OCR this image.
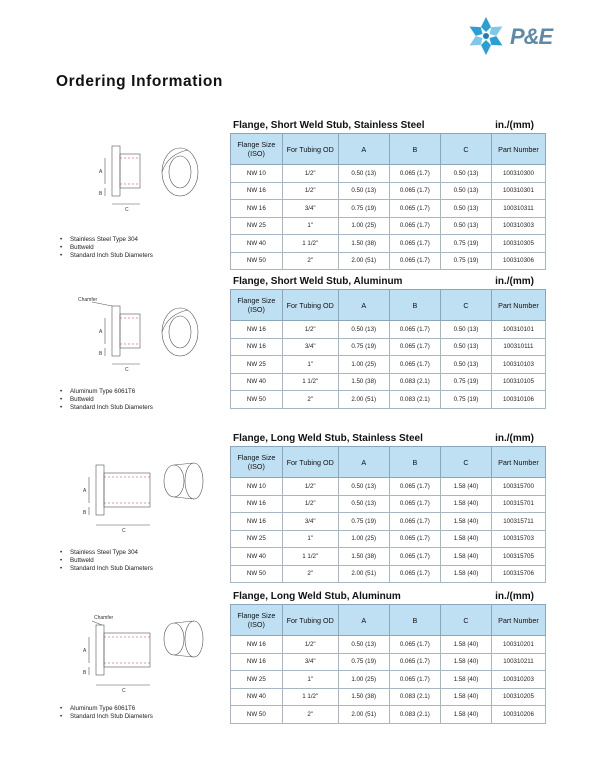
P&E
Ordering Information
Flange, Short Weld Stub, Stainless Steel	in./(mm)
A
B
C
• Stainless Steel Type 304
• Buttweld
• Standard Inch Stub Diameters
Flange Size (ISO)	For Tubing OD	A	B	C	Part Number
NW 10	1/2"	0.50 (13)	0.065 (1.7)	0.50 (13)	100310300
NW 16	1/2"	0.50 (13)	0.065 (1.7)	0.50 (13)	100310301
NW 16	3/4"	0.75 (19)	0.065 (1.7)	0.50 (13)	100310311
NW 25	1"	1.00 (25)	0.065 (1.7)	0.50 (13)	100310303
NW 40	1 1/2"	1.50 (38)	0.065 (1.7)	0.75 (19)	100310305
NW 50	2"	2.00 (51)	0.065 (1.7)	0.75 (19)	100310306
Flange, Short Weld Stub, Aluminum	in./(mm)
Chamfer
A
B
C
• Aluminum Type 6061T6
• Buttweld
• Standard Inch Stub Diameters
Flange Size (ISO)	For Tubing OD	A	B	C	Part Number
NW 16	1/2"	0.50 (13)	0.065 (1.7)	0.50 (13)	100310101
NW 16	3/4"	0.75 (19)	0.065 (1.7)	0.50 (13)	100310111
NW 25	1"	1.00 (25)	0.065 (1.7)	0.50 (13)	100310103
NW 40	1 1/2"	1.50 (38)	0.083 (2.1)	0.75 (19)	100310105
NW 50	2"	2.00 (51)	0.083 (2.1)	0.75 (19)	100310106
Flange, Long Weld Stub, Stainless Steel	in./(mm)
A
B
C
• Stainless Steel Type 304
• Buttweld
• Standard Inch Stub Diameters
Flange Size (ISO)	For Tubing OD	A	B	C	Part Number
NW 10	1/2"	0.50 (13)	0.065 (1.7)	1.58 (40)	100315700
NW 16	1/2"	0.50 (13)	0.065 (1.7)	1.58 (40)	100315701
NW 16	3/4"	0.75 (19)	0.065 (1.7)	1.58 (40)	100315711
NW 25	1"	1.00 (25)	0.065 (1.7)	1.58 (40)	100315703
NW 40	1 1/2"	1.50 (38)	0.065 (1.7)	1.58 (40)	100315705
NW 50	2"	2.00 (51)	0.065 (1.7)	1.58 (40)	100315706
Flange, Long Weld Stub, Aluminum	in./(mm)
Chamfer
A
B
C
• Aluminum Type 6061T6
• Standard Inch Stub Diameters
Flange Size (ISO)	For Tubing OD	A	B	C	Part Number
NW 16	1/2"	0.50 (13)	0.065 (1.7)	1.58 (40)	100310201
NW 16	3/4"	0.75 (19)	0.065 (1.7)	1.58 (40)	100310211
NW 25	1"	1.00 (25)	0.065 (1.7)	1.58 (40)	100310203
NW 40	1 1/2"	1.50 (38)	0.083 (2.1)	1.58 (40)	100310205
NW 50	2"	2.00 (51)	0.083 (2.1)	1.58 (40)	100310206
